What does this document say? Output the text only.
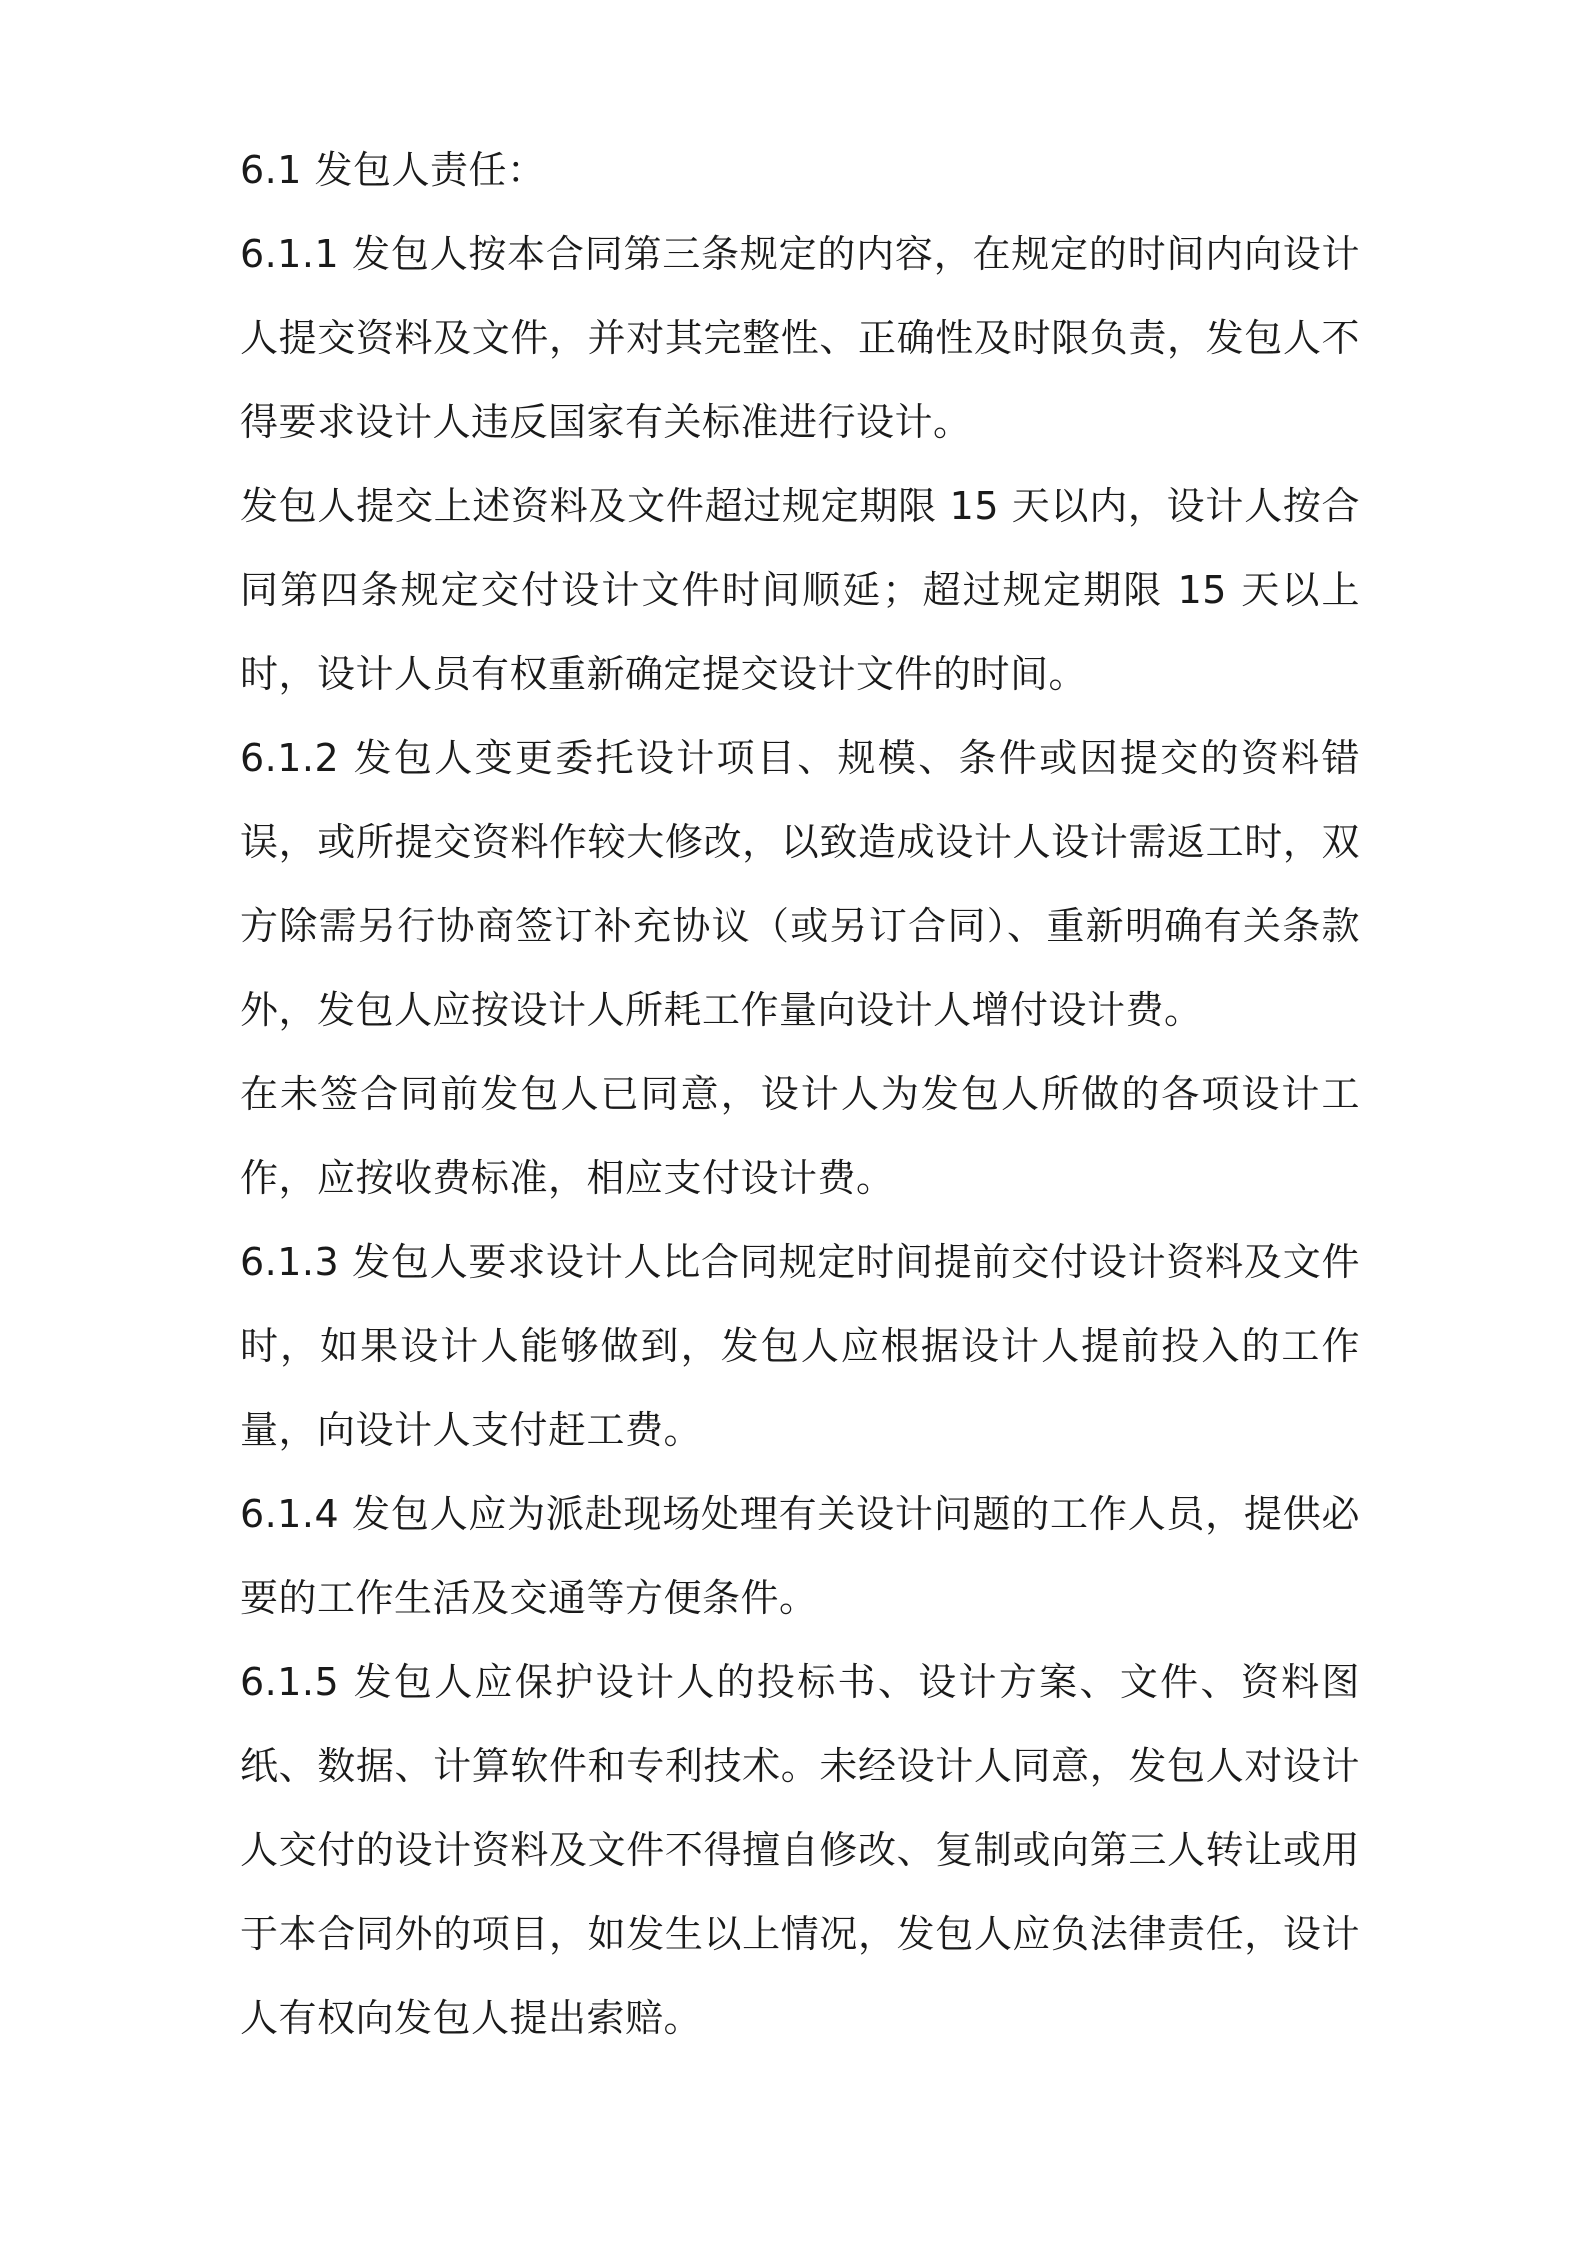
6.1 发包人责任：

6.1.1 发包人按本合同第三条规定的内容，在规定的时间内向设计人提交资料及文件，并对其完整性、正确性及时限负责，发包人不得要求设计人违反国家有关标准进行设计。

发包人提交上述资料及文件超过规定期限 15 天以内，设计人按合同第四条规定交付设计文件时间顺延；超过规定期限 15 天以上时，设计人员有权重新确定提交设计文件的时间。

6.1.2 发包人变更委托设计项目、规模、条件或因提交的资料错误，或所提交资料作较大修改，以致造成设计人设计需返工时，双方除需另行协商签订补充协议（或另订合同）、重新明确有关条款外，发包人应按设计人所耗工作量向设计人增付设计费。

在未签合同前发包人已同意，设计人为发包人所做的各项设计工作，应按收费标准，相应支付设计费。

6.1.3 发包人要求设计人比合同规定时间提前交付设计资料及文件时，如果设计人能够做到，发包人应根据设计人提前投入的工作量，向设计人支付赶工费。

6.1.4 发包人应为派赴现场处理有关设计问题的工作人员，提供必要的工作生活及交通等方便条件。

6.1.5 发包人应保护设计人的投标书、设计方案、文件、资料图纸、数据、计算软件和专利技术。未经设计人同意，发包人对设计人交付的设计资料及文件不得擅自修改、复制或向第三人转让或用于本合同外的项目，如发生以上情况，发包人应负法律责任，设计人有权向发包人提出索赔。
